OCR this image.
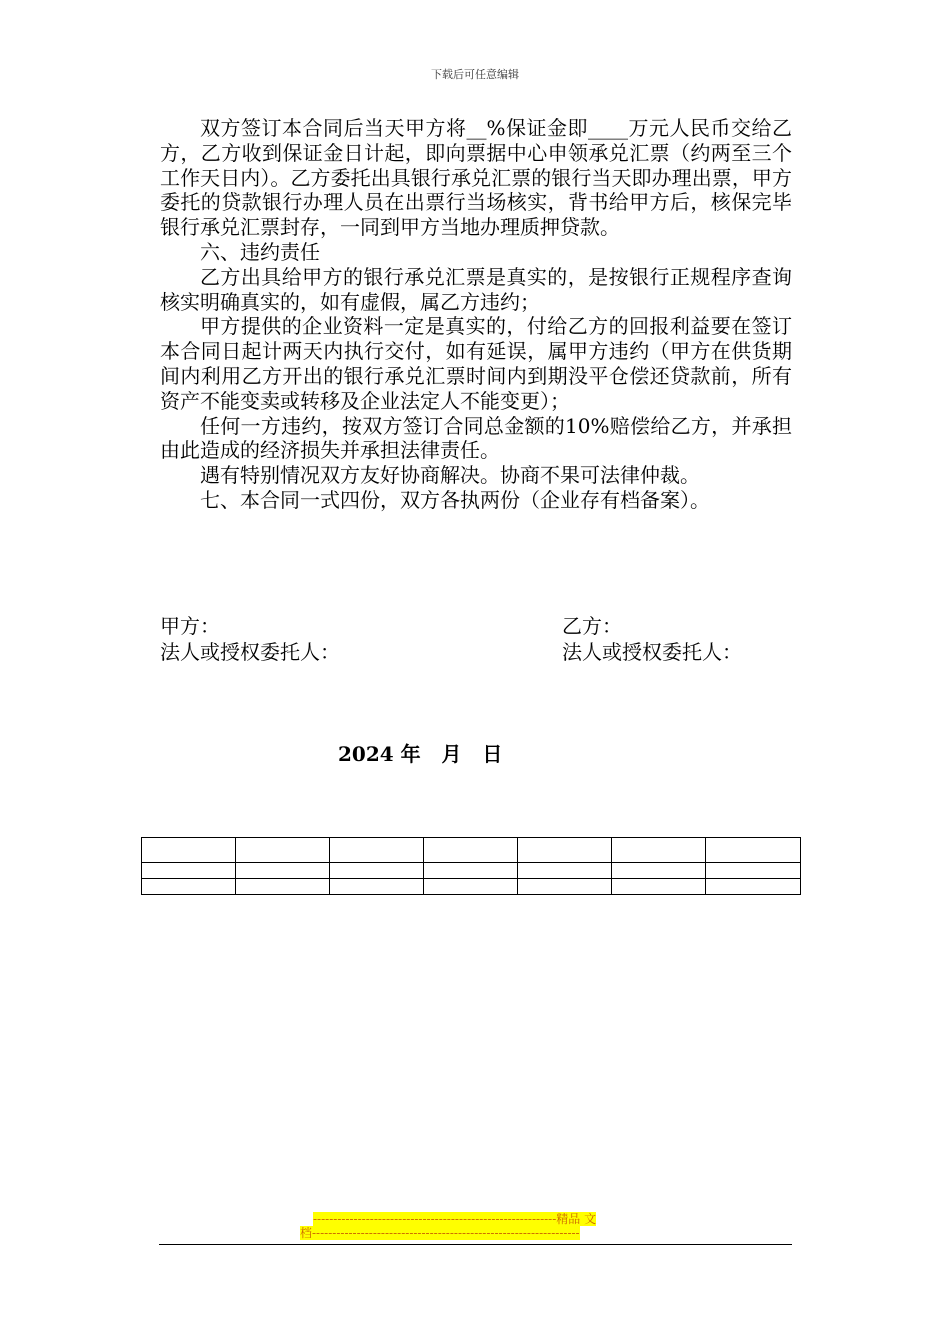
下载后可任意编辑

双方签订本合同后当天甲方将__%保证金即____万元人民币交给乙方，乙方收到保证金日计起，即向票据中心申领承兑汇票（约两至三个工作天日内）。乙方委托出具银行承兑汇票的银行当天即办理出票，甲方委托的贷款银行办理人员在出票行当场核实，背书给甲方后，核保完毕银行承兑汇票封存，一同到甲方当地办理质押贷款。

六、违约责任

乙方出具给甲方的银行承兑汇票是真实的，是按银行正规程序查询核实明确真实的，如有虚假，属乙方违约；

甲方提供的企业资料一定是真实的，付给乙方的回报利益要在签订本合同日起计两天内执行交付，如有延误，属甲方违约（甲方在供货期间内利用乙方开出的银行承兑汇票时间内到期没平仓偿还贷款前，所有资产不能变卖或转移及企业法定人不能变更）；

任何一方违约，按双方签订合同总金额的10%赔偿给乙方，并承担由此造成的经济损失并承担法律责任。

遇有特别情况双方友好协商解决。协商不果可法律仲裁。

七、本合同一式四份，双方各执两份（企业存有档备案）。

甲方：	乙方：
法人或授权委托人：	法人或授权委托人：
2024 年   月   日

------------------------------------------------------------精品 文
档------------------------------------------------------------------
